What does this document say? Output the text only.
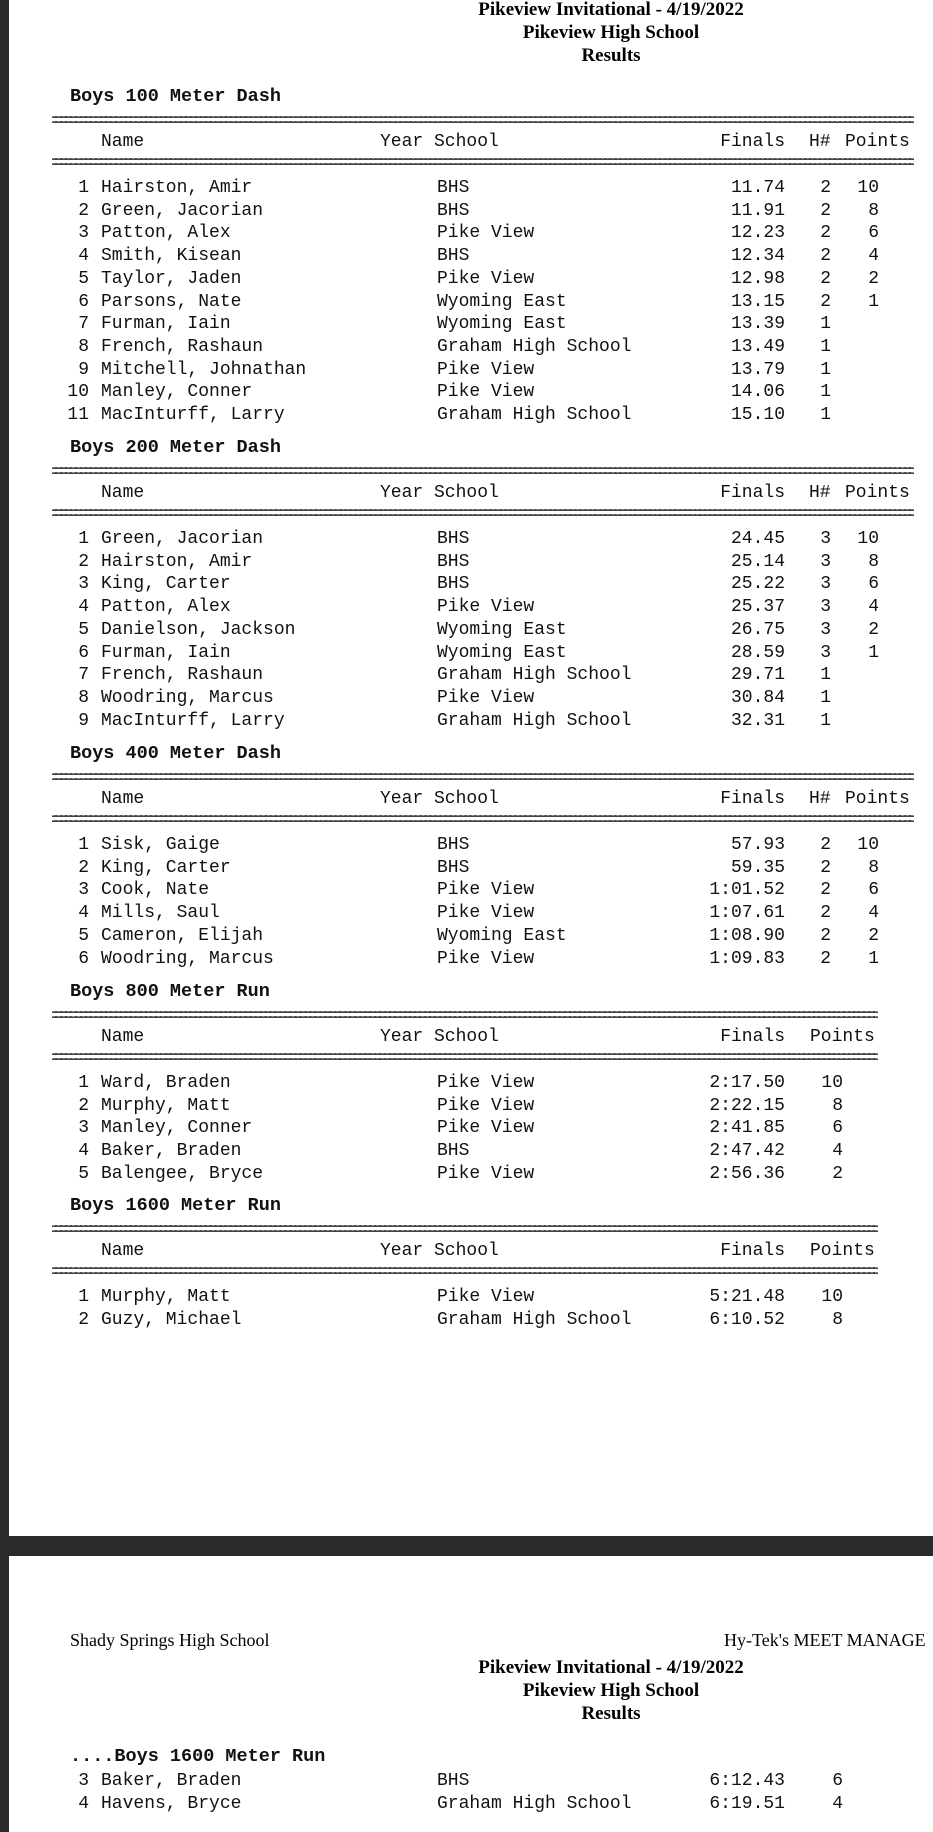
Pikeview Invitational - 4/19/2022
Pikeview High School
Results
Boys 100 Meter Dash
Name	Year School	Finals H# Points
1 Hairston, Amir	BHS	11.74	2	10
2 Green, Jacorian	BHS	11.91	2	8
3 Patton, Alex	Pike View	12.23	2	6
4 Smith, Kisean	BHS	12.34	2	4
5 Taylor, Jaden	Pike View	12.98	2	2
6 Parsons, Nate	Wyoming East	13.15	2	1
7 Furman, Iain	Wyoming East	13.39	1
8 French, Rashaun	Graham High School	13.49	1
9 Mitchell, Johnathan	Pike View	13.79	1
10 Manley, Conner	Pike View	14.06	1
11 MacInturff, Larry	Graham High School	15.10	1
Boys 200 Meter Dash
Name	Year School	Finals H# Points
1 Green, Jacorian	BHS	24.45	3	10
2 Hairston, Amir	BHS	25.14	3	8
3 King, Carter	BHS	25.22	3	6
4 Patton, Alex	Pike View	25.37	3	4
5 Danielson, Jackson	Wyoming East	26.75	3	2
6 Furman, Iain	Wyoming East	28.59	3	1
7 French, Rashaun	Graham High School	29.71	1
8 Woodring, Marcus	Pike View	30.84	1
9 MacInturff, Larry	Graham High School	32.31	1
Boys 400 Meter Dash
Name	Year School	Finals H# Points
1 Sisk, Gaige	BHS	57.93	2	10
2 King, Carter	BHS	59.35	2	8
3 Cook, Nate	Pike View	1:01.52	2	6
4 Mills, Saul	Pike View	1:07.61	2	4
5 Cameron, Elijah	Wyoming East	1:08.90	2	2
6 Woodring, Marcus	Pike View	1:09.83	2	1
Boys 800 Meter Run
Name	Year School	Finals Points
1 Ward, Braden	Pike View	2:17.50	10
2 Murphy, Matt	Pike View	2:22.15	8
3 Manley, Conner	Pike View	2:41.85	6
4 Baker, Braden	BHS	2:47.42	4
5 Balengee, Bryce	Pike View	2:56.36	2
Boys 1600 Meter Run
Name	Year School	Finals Points
1 Murphy, Matt	Pike View	5:21.48	10
2 Guzy, Michael	Graham High School	6:10.52	8
Shady Springs High School	Hy-Tek's MEET MANAGE
Pikeview Invitational - 4/19/2022
Pikeview High School
Results
....Boys 1600 Meter Run
3 Baker, Braden	BHS	6:12.43	6
4 Havens, Bryce	Graham High School	6:19.51	4
